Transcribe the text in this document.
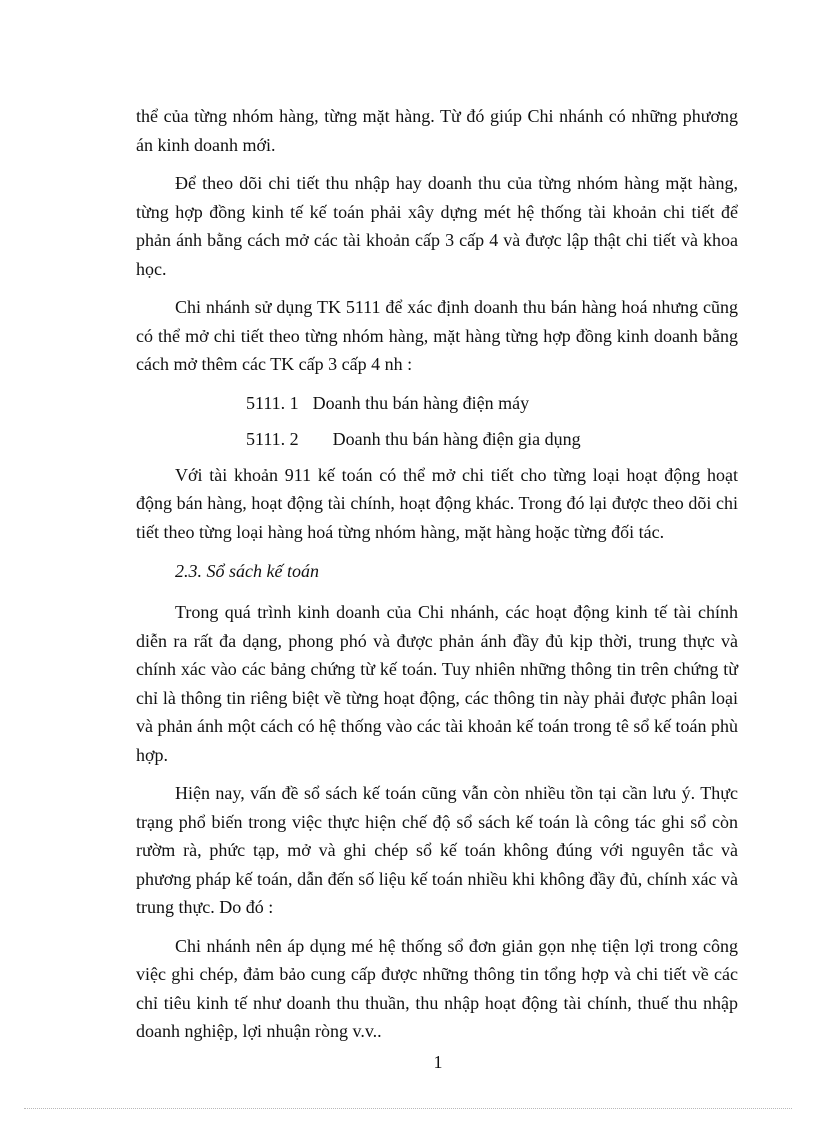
thể của từng nhóm hàng, từng mặt hàng. Từ đó giúp Chi nhánh có những phương án kinh doanh mới.

Để theo dõi chi tiết thu nhập hay doanh thu của từng nhóm hàng mặt hàng, từng hợp đồng kinh tế kế toán phải xây dựng mét hệ thống tài khoản chi tiết để phản ánh bằng cách mở các tài khoản cấp 3 cấp 4 và được lập thật chi tiết và khoa học.

Chi nhánh sử dụng TK 5111 để xác định doanh thu bán hàng hoá nhưng cũng có thể mở chi tiết theo từng nhóm hàng, mặt hàng từng hợp đồng kinh doanh bằng cách mở thêm các TK cấp 3 cấp 4 nh :

5111. 1 Doanh thu bán hàng điện máy
5111. 2 Doanh thu bán hàng điện gia dụng

Với tài khoản 911 kế toán có thể mở chi tiết cho từng loại hoạt động hoạt động bán hàng, hoạt động tài chính, hoạt động khác. Trong đó lại được theo dõi chi tiết theo từng loại hàng hoá từng nhóm hàng, mặt hàng hoặc từng đối tác.

2.3. Sổ sách kế toán

Trong quá trình kinh doanh của Chi nhánh, các hoạt động kinh tế tài chính diễn ra rất đa dạng, phong phó và được phản ánh đầy đủ kịp thời, trung thực và chính xác vào các bảng chứng từ kế toán. Tuy nhiên những thông tin trên chứng từ chỉ là thông tin riêng biệt về từng hoạt động, các thông tin này phải được phân loại và phản ánh một cách có hệ thống vào các tài khoản kế toán trong tê sổ kế toán phù hợp.

Hiện nay, vấn đề sổ sách kế toán cũng vẫn còn nhiều tồn tại cần lưu ý. Thực trạng phổ biến trong việc thực hiện chế độ sổ sách kế toán là công tác ghi sổ còn rườm rà, phức tạp, mở và ghi chép sổ kế toán không đúng với nguyên tắc và phương pháp kế toán, dẫn đến số liệu kế toán nhiều khi không đầy đủ, chính xác và trung thực. Do đó :

Chi nhánh nên áp dụng mé hệ thống sổ đơn giản gọn nhẹ tiện lợi trong công việc ghi chép, đảm bảo cung cấp được những thông tin tổng hợp và chi tiết về các chỉ tiêu kinh tế như doanh thu thuần, thu nhập hoạt động tài chính, thuế thu nhập doanh nghiệp, lợi nhuận ròng v.v..

1
